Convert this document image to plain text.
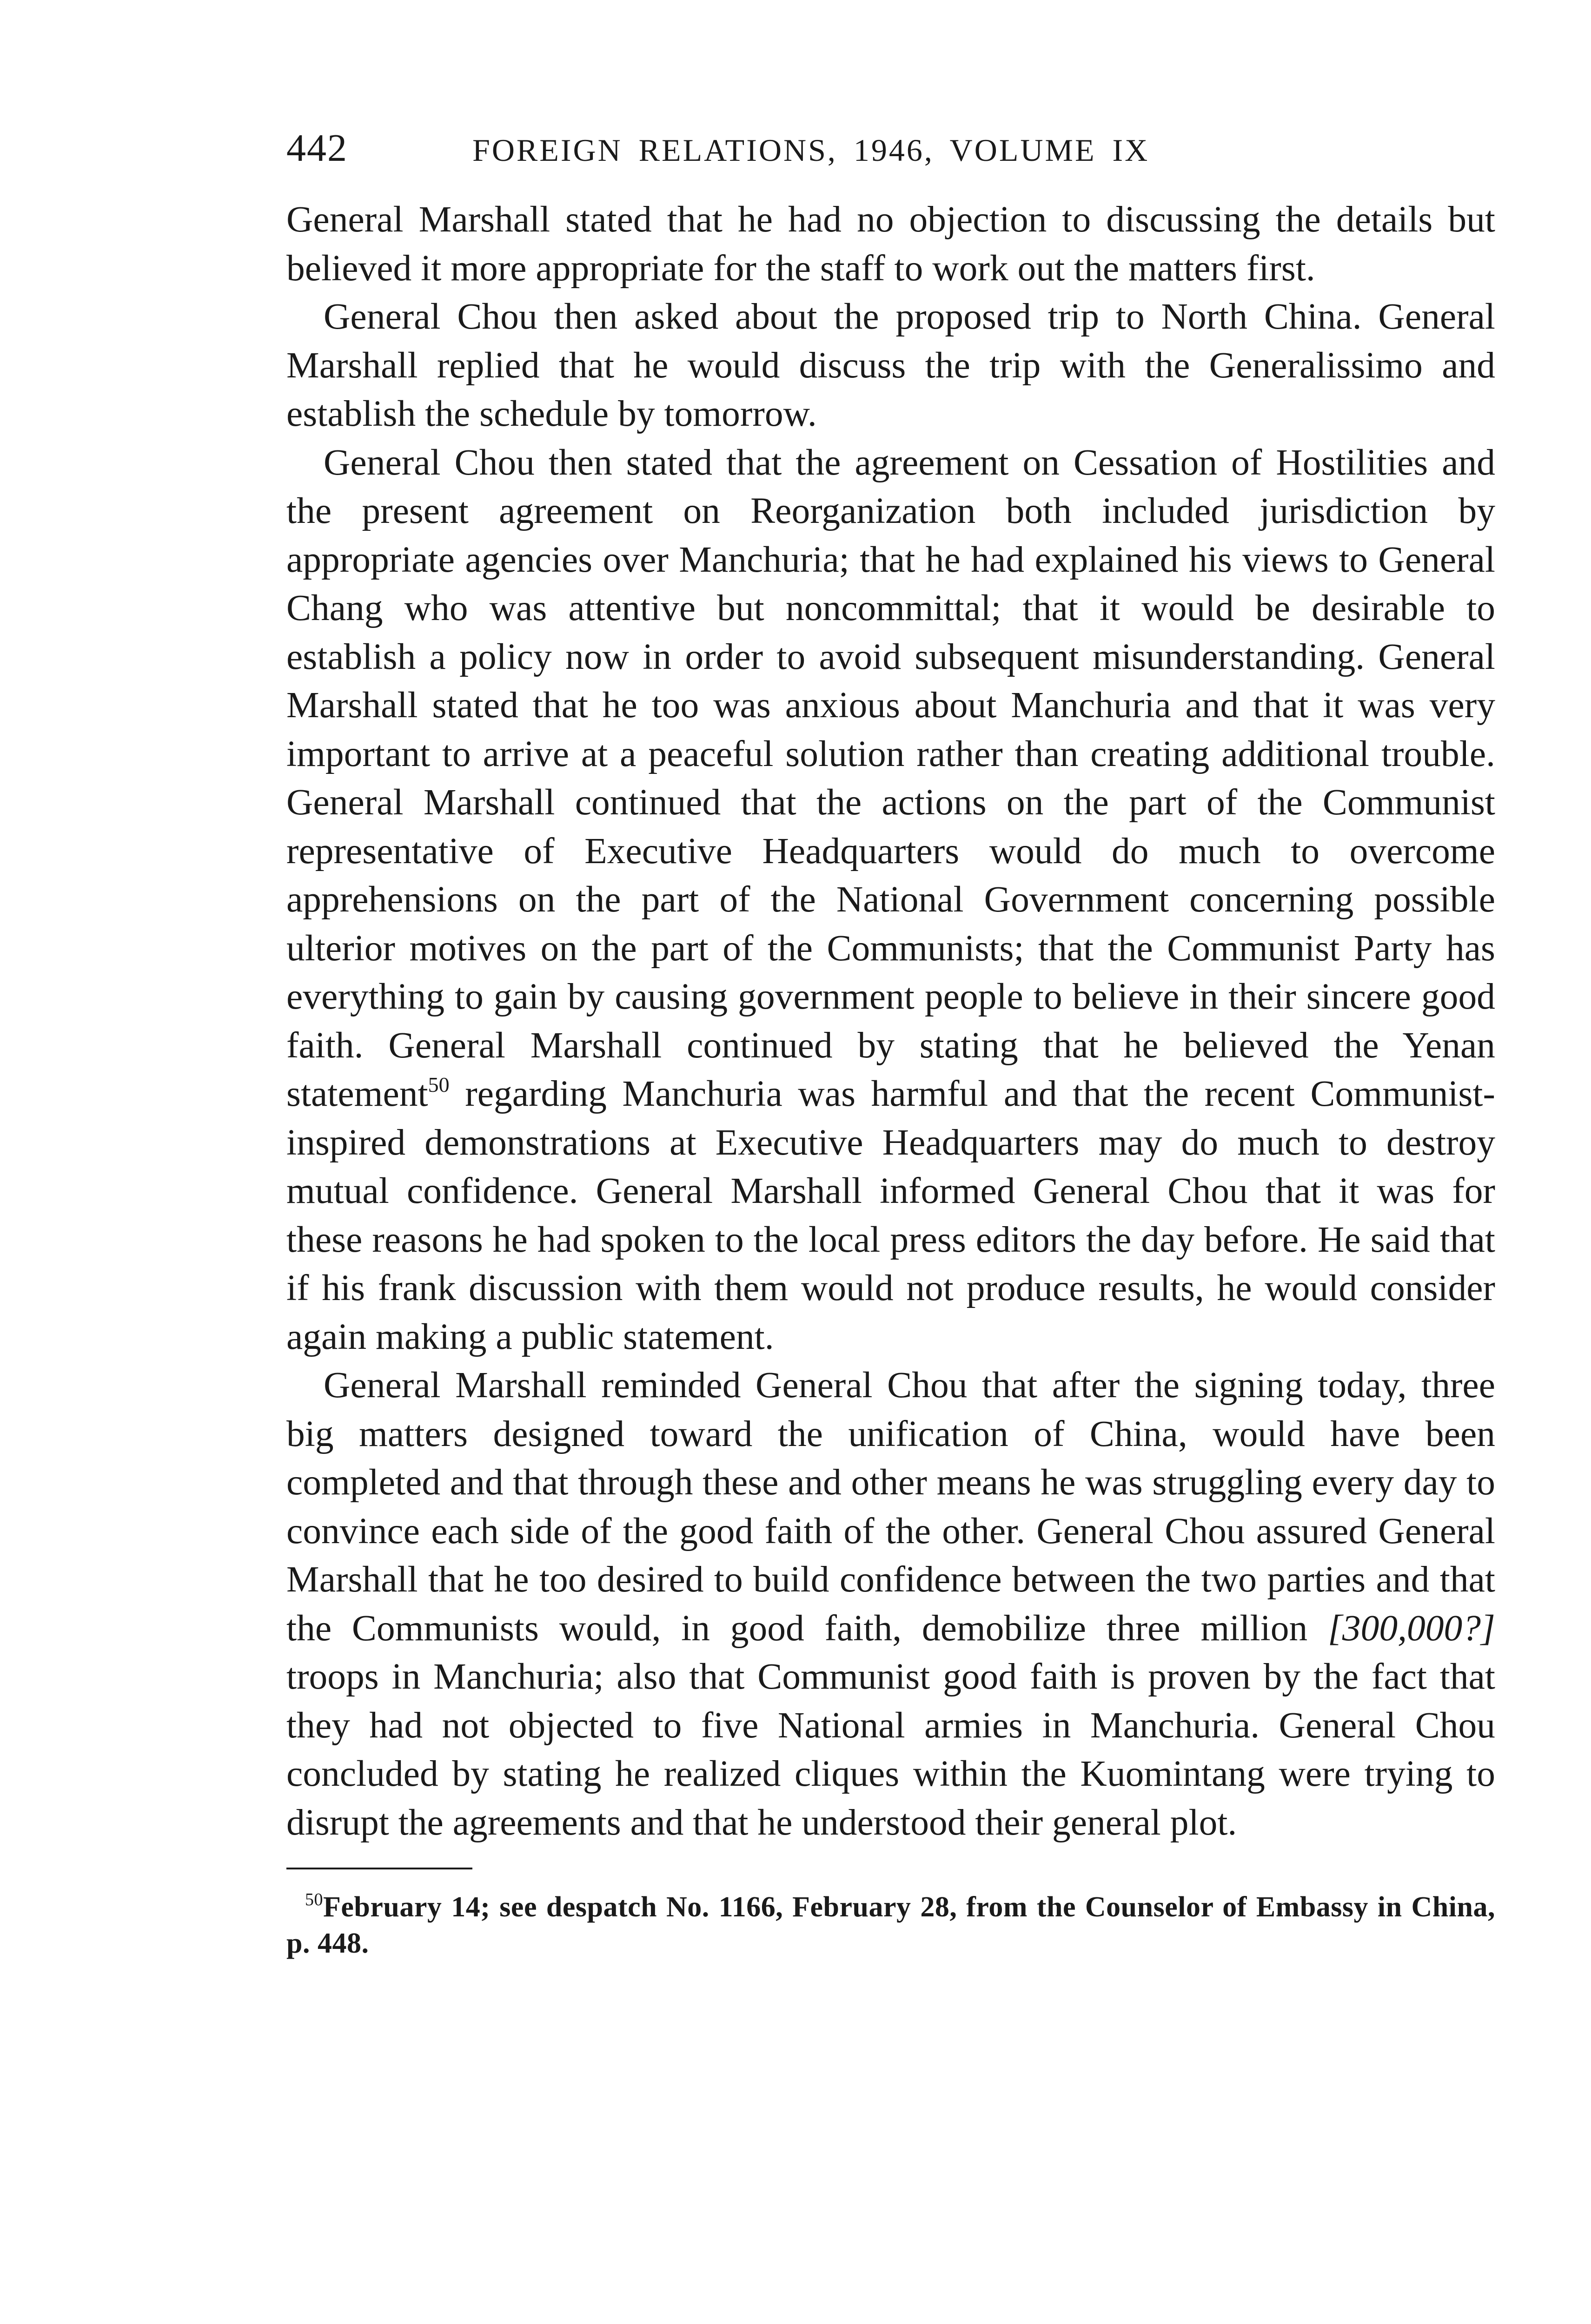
442	FOREIGN RELATIONS, 1946, VOLUME IX

General Marshall stated that he had no objection to discussing the details but believed it more appropriate for the staff to work out the matters first.

General Chou then asked about the proposed trip to North China. General Marshall replied that he would discuss the trip with the Generalissimo and establish the schedule by tomorrow.

General Chou then stated that the agreement on Cessation of Hostilities and the present agreement on Reorganization both included jurisdiction by appropriate agencies over Manchuria; that he had explained his views to General Chang who was attentive but noncommittal; that it would be desirable to establish a policy now in order to avoid subsequent misunderstanding. General Marshall stated that he too was anxious about Manchuria and that it was very important to arrive at a peaceful solution rather than creating additional trouble. General Marshall continued that the actions on the part of the Communist representative of Executive Headquarters would do much to overcome apprehensions on the part of the National Government concerning possible ulterior motives on the part of the Communists; that the Communist Party has everything to gain by causing government people to believe in their sincere good faith. General Marshall continued by stating that he believed the Yenan statement$^{50}$ regarding Manchuria was harmful and that the recent Communist-inspired demonstrations at Executive Headquarters may do much to destroy mutual confidence. General Marshall informed General Chou that it was for these reasons he had spoken to the local press editors the day before. He said that if his frank discussion with them would not produce results, he would consider again making a public statement.

General Marshall reminded General Chou that after the signing today, three big matters designed toward the unification of China, would have been completed and that through these and other means he was struggling every day to convince each side of the good faith of the other. General Chou assured General Marshall that he too desired to build confidence between the two parties and that the Communists would, in good faith, demobilize three million [300,000?] troops in Manchuria; also that Communist good faith is proven by the fact that they had not objected to five National armies in Manchuria. General Chou concluded by stating he realized cliques within the Kuomintang were trying to disrupt the agreements and that he understood their general plot.

$^{50}$February 14; see despatch No. 1166, February 28, from the Counselor of Embassy in China, p. 448.
